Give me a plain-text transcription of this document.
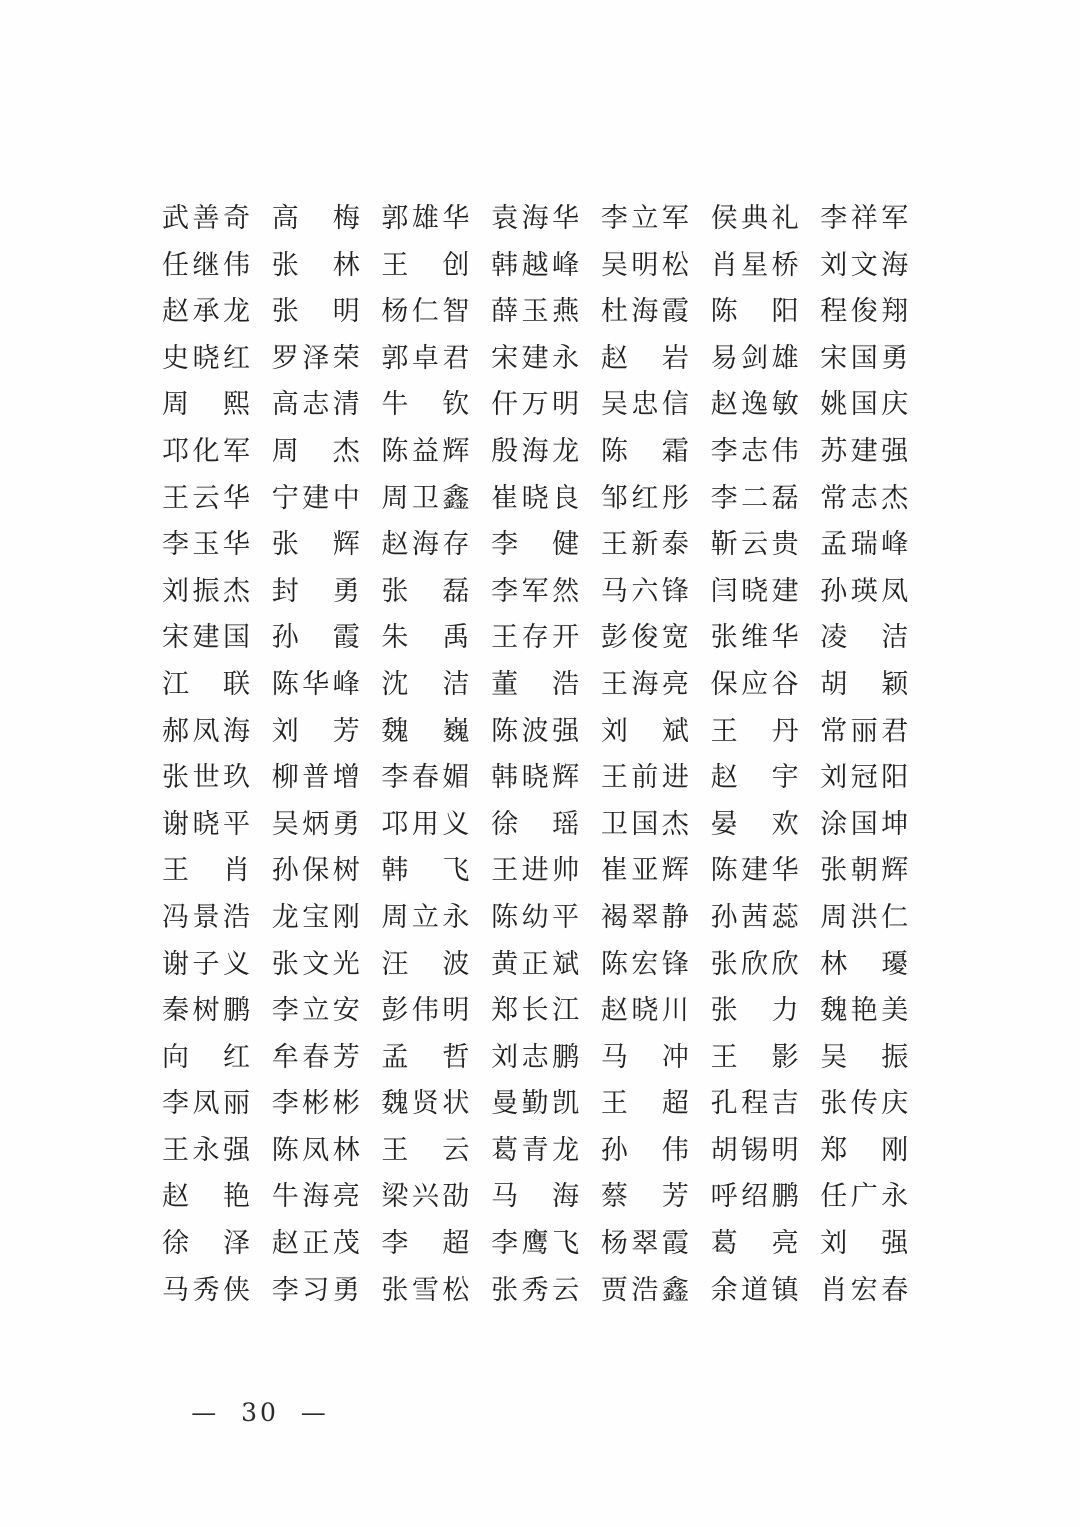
武 善 奇 高 梅 郭 雄 华 袁 海 华 李 立 军 侯 典 礼 李 祥 军
任 继 伟 张 林 王 创 韩 越 峰 吴 明 松 肖 星 桥 刘 文 海
赵 承 龙 张 明 杨 仁 智 薛 玉 燕 杜 海 霞 陈 阳 程 俊 翔
史 晓 红 罗 泽 荣 郭 卓 君 宋 建 永 赵 岩 易 剑 雄 宋 国 勇
周 熙 高 志 清 牛 钦 仠 万 明 吴 忠 信 赵 逸 敏 姚 国 庆
邛 化 军 周 杰 陈 益 辉 殷 海 龙 陈 霜 李 志 伟 苏 建 强
王 云 华 宁 建 中 周 卫 鑫 崔 晓 良 邹 红 彤 李 二 磊 常 志 杰
李 玉 华 张 辉 赵 海 存 李 健 王 新 泰 靳 云 贵 孟 瑞 峰
刘 振 杰 封 勇 张 磊 李 军 然 马 六 锋 闫 晓 建 孙 瑛 凤
宋 建 国 孙 霞 朱 禹 王 存 开 彭 俊 宽 张 维 华 凌 洁
江 联 陈 华 峰 沈 洁 董 浩 王 海 亮 保 应 谷 胡 颖
郝 凤 海 刘 芳 魏 巍 陈 波 强 刘 斌 王 丹 常 丽 君
张 世 玖 柳 普 增 李 春 媚 韩 晓 辉 王 前 进 赵 宇 刘 冠 阳
谢 晓 平 吴 炳 勇 邛 用 义 徐 瑶 卫 国 杰 晏 欢 涂 国 坤
王 肖 孙 保 树 韩 飞 王 进 帅 崔 亚 辉 陈 建 华 张 朝 辉
冯 景 浩 龙 宝 刚 周 立 永 陈 幼 平 褐 翠 静 孙 茜 蕊 周 洪 仁
谢 子 义 张 文 光 汪 波 黄 正 斌 陈 宏 锋 张 欣 欣 林 瓇
秦 树 鹏 李 立 安 彭 伟 明 郑 长 江 赵 晓 川 张 力 魏 艳 美
向 红 牟 春 芳 孟 哲 刘 志 鹏 马 冲 王 影 吴 振
李 凤 丽 李 彬 彬 魏 贤 状 曼 勤 凯 王 超 孔 程 吉 张 传 庆
王 永 强 陈 凤 林 王 云 葛 青 龙 孙 伟 胡 锡 明 郑 刚
赵 艳 牛 海 亮 梁 兴 劭 马 海 蔡 芳 呼 绍 鹏 任 广 永
徐 泽 赵 正 茂 李 超 李 鹰 飞 杨 翠 霞 葛 亮 刘 强
马 秀 侠 李 习 勇 张 雪 松 张 秀 云 贾 浩 鑫 余 道 镇 肖 宏 春
—  30  —
